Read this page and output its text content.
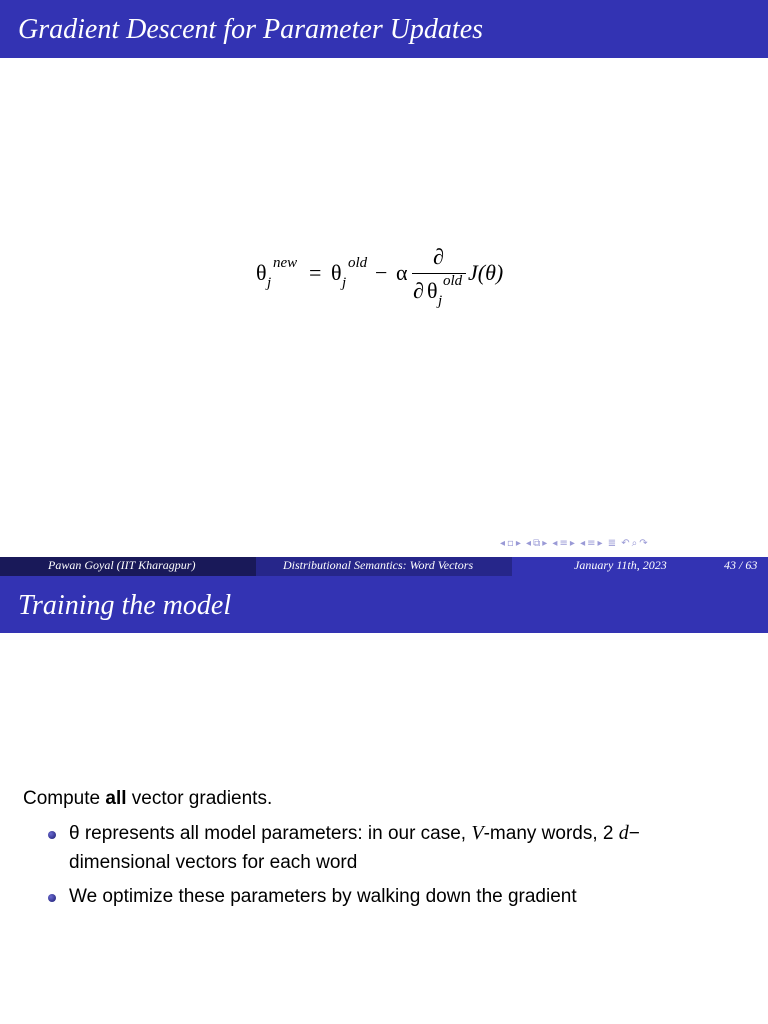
Gradient Descent for Parameter Updates
θ j
new = θ j
old − α
∂
∂ θ j
old J(θ)
◂ ▫ ▸ ◂ ⧉ ▸ ◂ ≡ ▸ ◂ ≡ ▸ ≣ ↶ ⌕ ↷
Pawan Goyal (IIT Kharagpur)	Distributional Semantics: Word Vectors	January 11th, 2023	43 / 63
Training the model
Compute all vector gradients.
θ represents all model parameters: in our case, V-many words, 2 d−
dimensional vectors for each word
We optimize these parameters by walking down the gradient
